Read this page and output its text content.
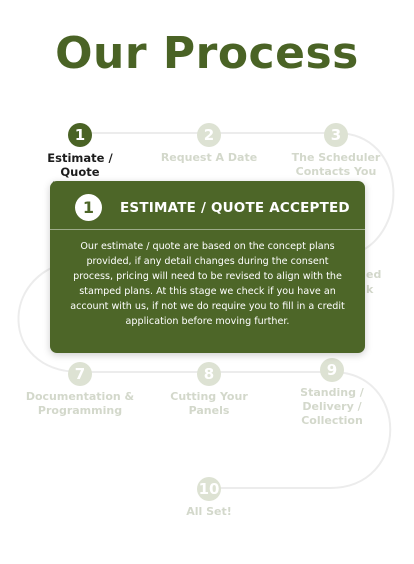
Our Process
1
Estimate / Quote
2
Request A Date
3
The Scheduler Contacts You
ed
k
7
Documentation & Programming
8
Cutting Your Panels
9
Standing / Delivery / Collection
10
All Set!
1	ESTIMATE / QUOTE ACCEPTED
Our estimate / quote are based on the concept plans provided, if any detail changes during the consent process, pricing will need to be revised to align with the stamped plans. At this stage we check if you have an account with us, if not we do require you to fill in a credit application before moving further.
